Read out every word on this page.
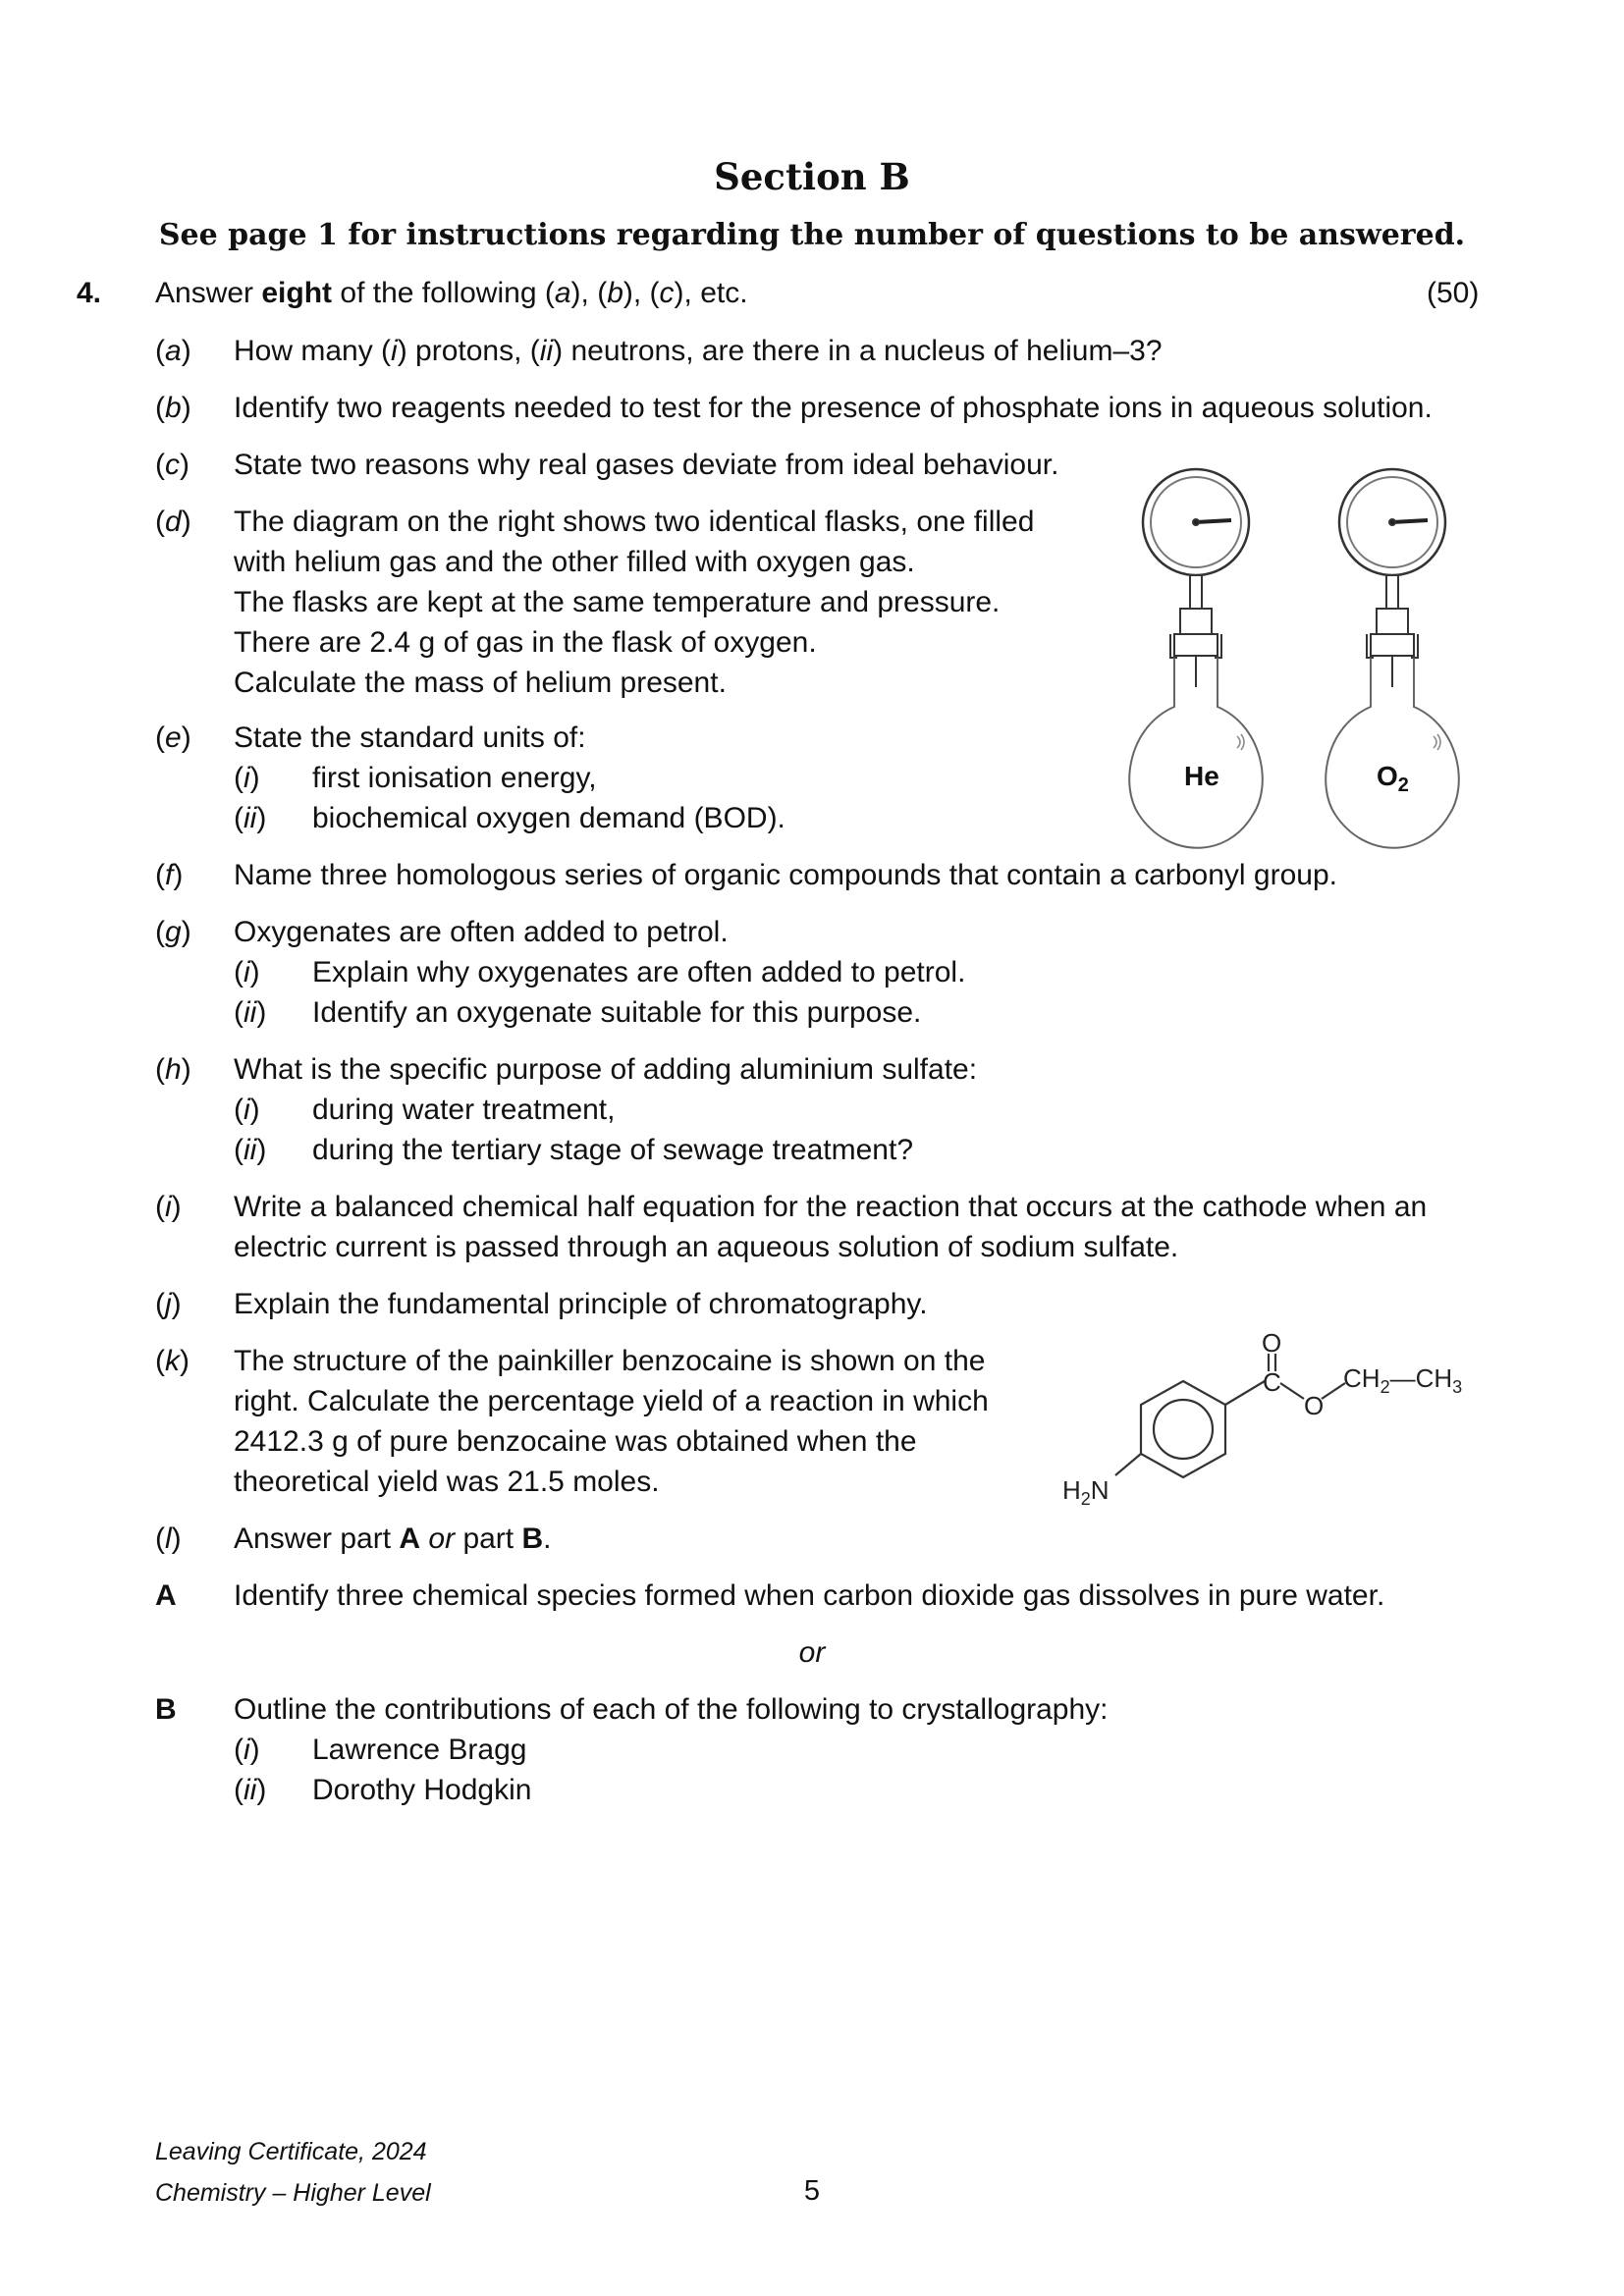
Section B
See page 1 for instructions regarding the number of questions to be answered.
4. Answer eight of the following (a), (b), (c), etc.	(50)
(a) How many (i) protons, (ii) neutrons, are there in a nucleus of helium–3?
(b) Identify two reagents needed to test for the presence of phosphate ions in aqueous solution.
(c) State two reasons why real gases deviate from ideal behaviour.
(d) The diagram on the right shows two identical flasks, one filled
with helium gas and the other filled with oxygen gas.
The flasks are kept at the same temperature and pressure.
There are 2.4 g of gas in the flask of oxygen.
Calculate the mass of helium present.
He	$O_2$
(e) State the standard units of:
(i) first ionisation energy,
(ii) biochemical oxygen demand (BOD).
(f) Name three homologous series of organic compounds that contain a carbonyl group.
(g) Oxygenates are often added to petrol.
(i) Explain why oxygenates are often added to petrol.
(ii) Identify an oxygenate suitable for this purpose.
(h) What is the specific purpose of adding aluminium sulfate:
(i) during water treatment,
(ii) during the tertiary stage of sewage treatment?
(i) Write a balanced chemical half equation for the reaction that occurs at the cathode when an
electric current is passed through an aqueous solution of sodium sulfate.
(j) Explain the fundamental principle of chromatography.
(k) The structure of the painkiller benzocaine is shown on the
right. Calculate the percentage yield of a reaction in which
2412.3 g of pure benzocaine was obtained when the
theoretical yield was 21.5 moles.
O
C
O
$CH_2—CH_3$
$H_2N$
(l) Answer part A or part B.
A Identify three chemical species formed when carbon dioxide gas dissolves in pure water.
or
B Outline the contributions of each of the following to crystallography:
(i) Lawrence Bragg
(ii) Dorothy Hodgkin
Leaving Certificate, 2024
Chemistry – Higher Level	5
